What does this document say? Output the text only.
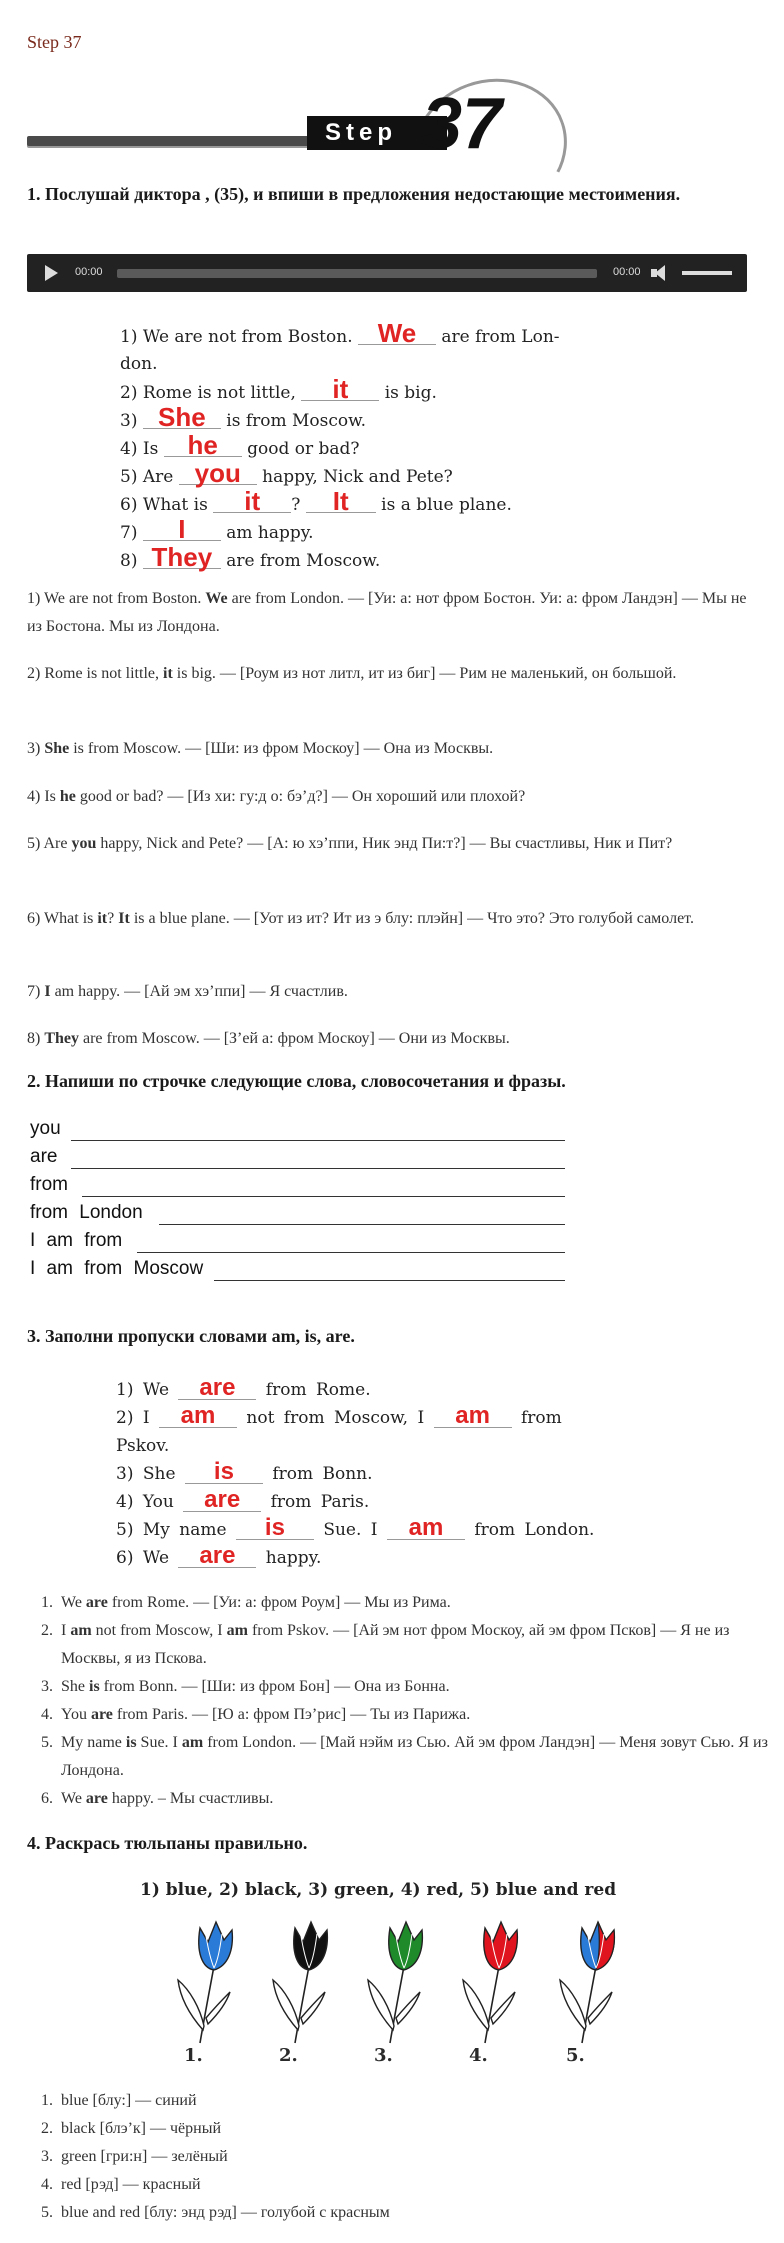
Step 37
Step 37
1. Послушай диктора , (35), и впиши в предложения недостающие местоимения.
00:00	00:00
1) We are not from Boston. We are from Lon-
don.
2) Rome is not little, it is big.
3) She is from Moscow.
4) Is he good or bad?
5) Are you happy, Nick and Pete?
6) What is it ? It is a blue plane.
7) I am happy.
8) They are from Moscow.

1) We are not from Boston. We are from London. — [Уи: а: нот фром Бостон. Уи: а: фром Ландэн] — Мы не из Бостона. Мы из Лондона.

2) Rome is not little, it is big. — [Роум из нот литл, ит из биг] — Рим не маленький, он большой.

3) She is from Moscow. — [Ши: из фром Москоу] — Она из Москвы.

4) Is he good or bad? — [Из хи: гу:д о: бэ’д?] — Он хороший или плохой?

5) Are you happy, Nick and Pete? — [А: ю хэ’ппи, Ник энд Пи:т?] — Вы счастливы, Ник и Пит?

6) What is it? It is a blue plane. — [Уот из ит? Ит из э блу: плэйн] — Что это? Это голубой самолет.

7) I am happy. — [Ай эм хэ’ппи] — Я счастлив.

8) They are from Moscow. — [З’ей а: фром Москоу] — Они из Москвы.

2. Напиши по строчке следующие слова, словосочетания и фразы.
you
are
from
from London
I am from
I am from Moscow
3. Заполни пропуски словами am, is, are.
1) We are from Rome.
2) I am not from Moscow, I am from
Pskov.
3) She is from Bonn.
4) You are from Paris.
5) My name is Sue. I am from London.
6) We are happy.
1. We are from Rome. — [Уи: а: фром Роум] — Мы из Рима.
2. I am not from Moscow, I am from Pskov. — [Ай эм нот фром Москоу, ай эм фром Псков] — Я не из Москвы, я из Пскова.
3. She is from Bonn. — [Ши: из фром Бон] — Она из Бонна.
4. You are from Paris. — [Ю а: фром Пэ’рис] — Ты из Парижа.
5. My name is Sue. I am from London. — [Май нэйм из Сью. Ай эм фром Ландэн] — Меня зовут Сью. Я из Лондона.
6. We are happy. – Мы счастливы.
4. Раскрась тюльпаны правильно.
1) blue, 2) black, 3) green, 4) red, 5) blue and red
1.	2.	3.	4.	5.
1. blue [блу:] — синий
2. black [блэ’к] — чёрный
3. green [гри:н] — зелёный
4. red [рэд] — красный
5. blue and red [блу: энд рэд] — голубой с красным
